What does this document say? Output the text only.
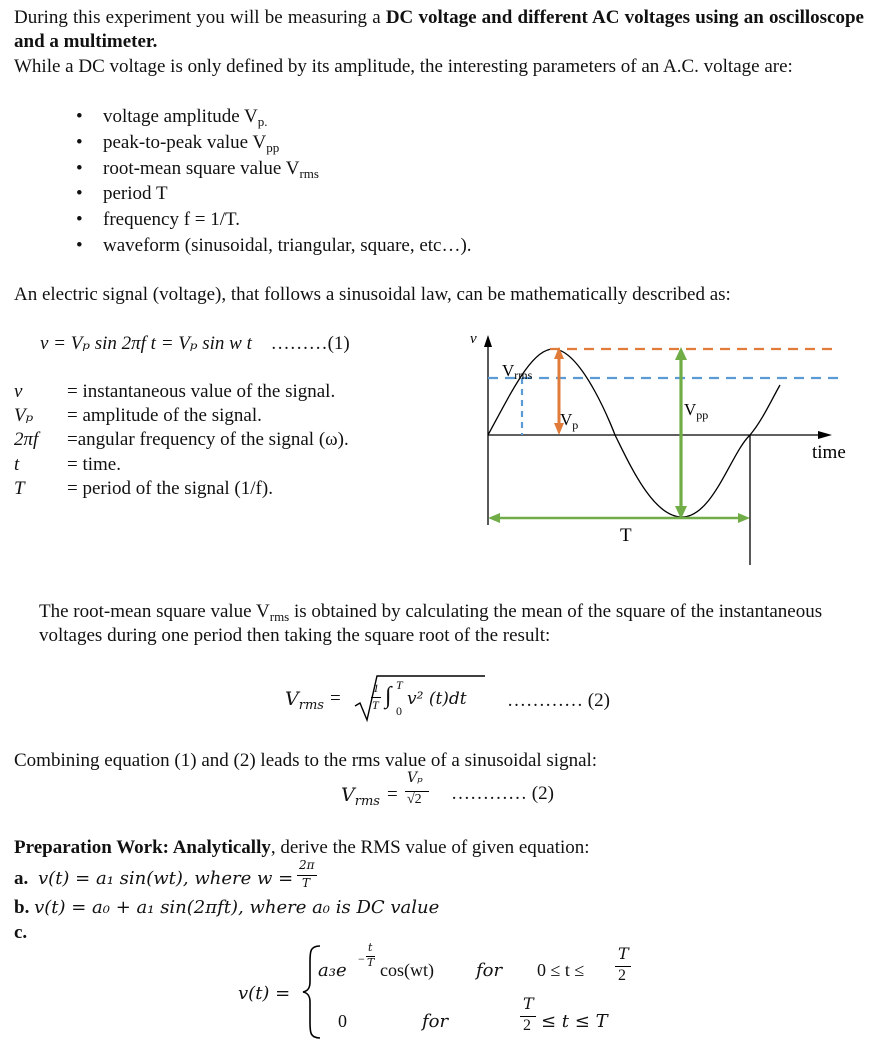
During this experiment you will be measuring a DC voltage and different AC voltages using an oscilloscope and a multimeter.
While a DC voltage is only defined by its amplitude, the interesting parameters of an A.C. voltage are:
• voltage amplitude $V_{p.}$
• peak-to-peak value $V_{pp}$
• root-mean square value $V_{rms}$
• period T
• frequency f = 1/T.
• waveform (sinusoidal, triangular, square, etc…).
An electric signal (voltage), that follows a sinusoidal law, can be mathematically described as:
v = Vₚ sin 2πf t = Vₚ sin w t ………(1)
v = instantaneous value of the signal.
Vₚ = amplitude of the signal.
2πf =angular frequency of the signal (ω).
t	= time.
T = period of the signal (1/f).
v
time
Vrms
$V_p$
$V_{pp}$
T
The root-mean square value $V_{rms}$ is obtained by calculating the mean of the square of the instantaneous voltages during one period then taking the square root of the result:
$V_{rms}$ =	1
T ∫ T
0
v² (t)dt ………… (2)
Combining equation (1) and (2) leads to the rms value of a sinusoidal signal:
$V_{rms}$ =
Vₚ
√2 ………… (2)
Preparation Work: Analytically, derive the RMS value of given equation:
a. v(t) = a₁ sin(wt), where w =
2π
T
b. v(t) = a₀ + a₁ sin(2πft), where a₀ is DC value
c.
v(t) =
a₃e
−
t
T cos(wt) for 0 ≤ t ≤
T
2
0	for
T
2 ≤ t ≤ T
